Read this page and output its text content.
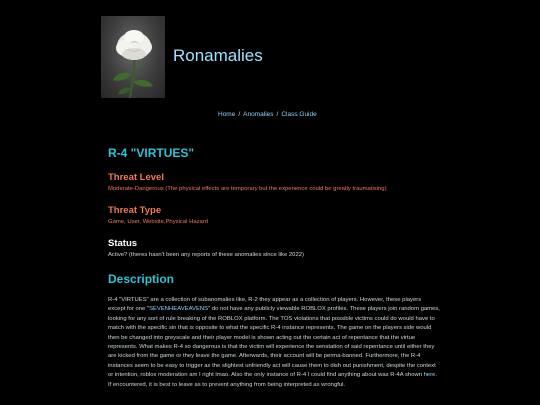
Ronamalies
Home / Anomalies / Class Guide
R-4 "VIRTUES"
Threat Level

Moderate-Dangerous (The physical effects are temporary but the experience could be greatly traumatising)

Threat Type

Game, User, Website,Physical Hazard

Status

Active? (theres hasn't been any reports of these anomalies since like 2022)

Description

R-4 "VIRTUES" are a collection of subanomalies like, R-2 they appear as a collection of players. However, these players except for one "SEVENHEAVEAVENS" do not have any publicly viewable ROBLOX profiles. These players join random games, looking for any sort of rule breaking of the ROBLOX platform. The TOS violations that possible victims could do would have to match with the specific sin that is opposite to what the specific R-4 instance represents. The game on the players side would then be changed into greyscale and their player model is shown acting out the certain act of repentance that the virtue represents. What makes R-4 so dangerous is that the victim will experience the senstation of said repentance until either they are kicked from the game or they leave the game. Afterwards, their account will be perma-banned. Furthermore, the R-4 instances seem to be easy to trigger as the slightest unfriendly act will cause them to dish out punishment, despite the context or intention, roblox moderation am I right lmao. Also the only instance of R-4 I could find anything about was R-4A shown here. If encountered, it is best to leave as to prevent anything from being interpreted as wrongful.
